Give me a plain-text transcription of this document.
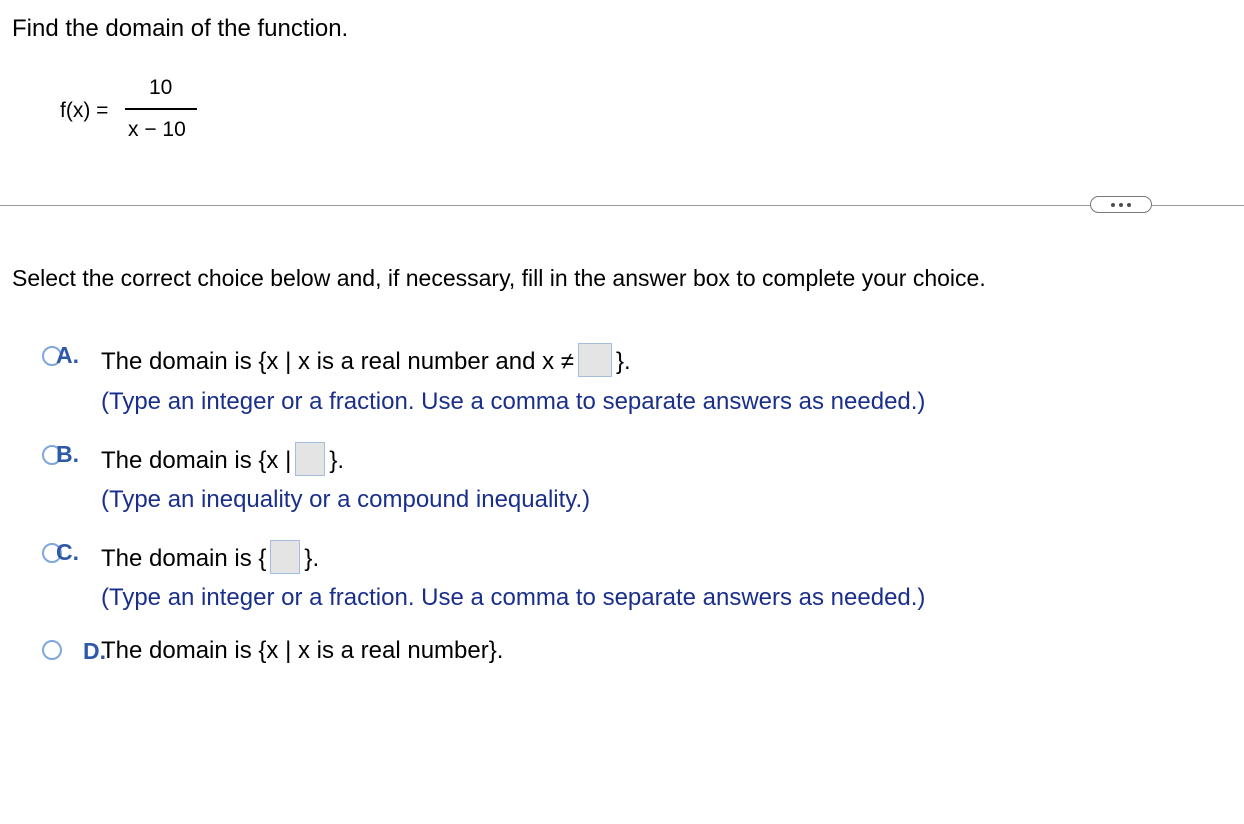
Find the domain of the function.
f(x) =
10
x − 10
Select the correct choice below and, if necessary, fill in the answer box to complete your choice.
A. The domain is {x | x is a real number and x ≠ }.
(Type an integer or a fraction. Use a comma to separate answers as needed.)
B. The domain is {x | }.
(Type an inequality or a compound inequality.)
C. The domain is { }.
(Type an integer or a fraction. Use a comma to separate answers as needed.)
D.
The domain is {x | x is a real number}.
